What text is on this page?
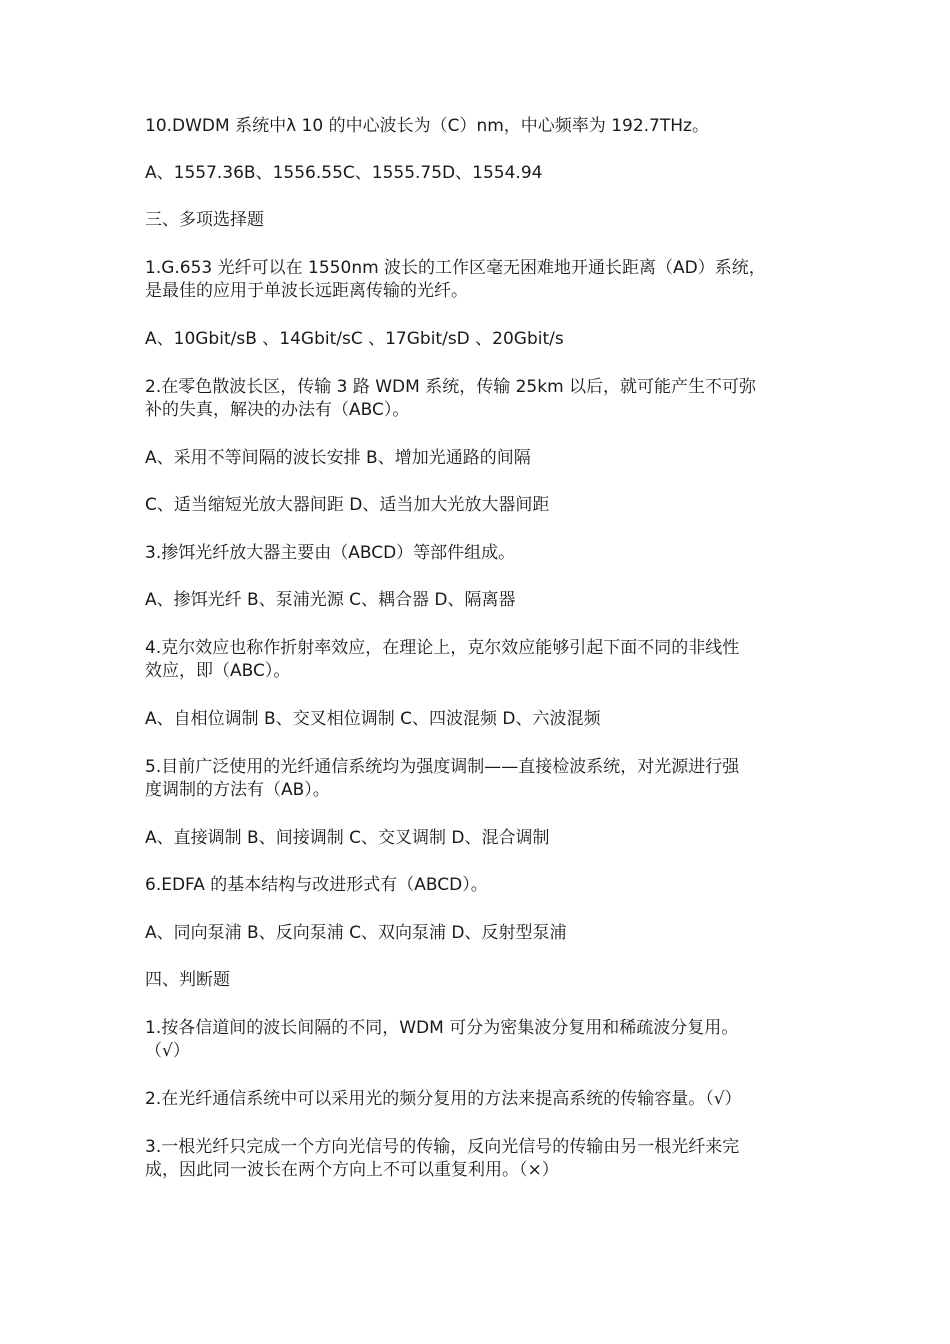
10.DWDM 系统中λ 10 的中心波长为（C）nm，中心频率为 192.7THz。
A、1557.36B、1556.55C、1555.75D、1554.94
三、多项选择题
1.G.653 光纤可以在 1550nm 波长的工作区毫无困难地开通长距离（AD）系统，
是最佳的应用于单波长远距离传输的光纤。
A、10Gbit/sB 、14Gbit/sC 、17Gbit/sD 、20Gbit/s
2.在零色散波长区，传输 3 路 WDM 系统，传输 25km 以后，就可能产生不可弥
补的失真，解决的办法有（ABC）。
A、采用不等间隔的波长安排 B、增加光通路的间隔
C、适当缩短光放大器间距 D、适当加大光放大器间距
3.掺饵光纤放大器主要由（ABCD）等部件组成。
A、掺饵光纤 B、泵浦光源 C、耦合器 D、隔离器
4.克尔效应也称作折射率效应，在理论上，克尔效应能够引起下面不同的非线性
效应，即（ABC）。
A、自相位调制 B、交叉相位调制 C、四波混频 D、六波混频
5.目前广泛使用的光纤通信系统均为强度调制——直接检波系统，对光源进行强
度调制的方法有（AB）。
A、直接调制 B、间接调制 C、交叉调制 D、混合调制
6.EDFA 的基本结构与改进形式有（ABCD）。
A、同向泵浦 B、反向泵浦 C、双向泵浦 D、反射型泵浦
四、判断题
1.按各信道间的波长间隔的不同，WDM 可分为密集波分复用和稀疏波分复用。
（√）
2.在光纤通信系统中可以采用光的频分复用的方法来提高系统的传输容量。（√）
3.一根光纤只完成一个方向光信号的传输，反向光信号的传输由另一根光纤来完
成，因此同一波长在两个方向上不可以重复利用。（×）
